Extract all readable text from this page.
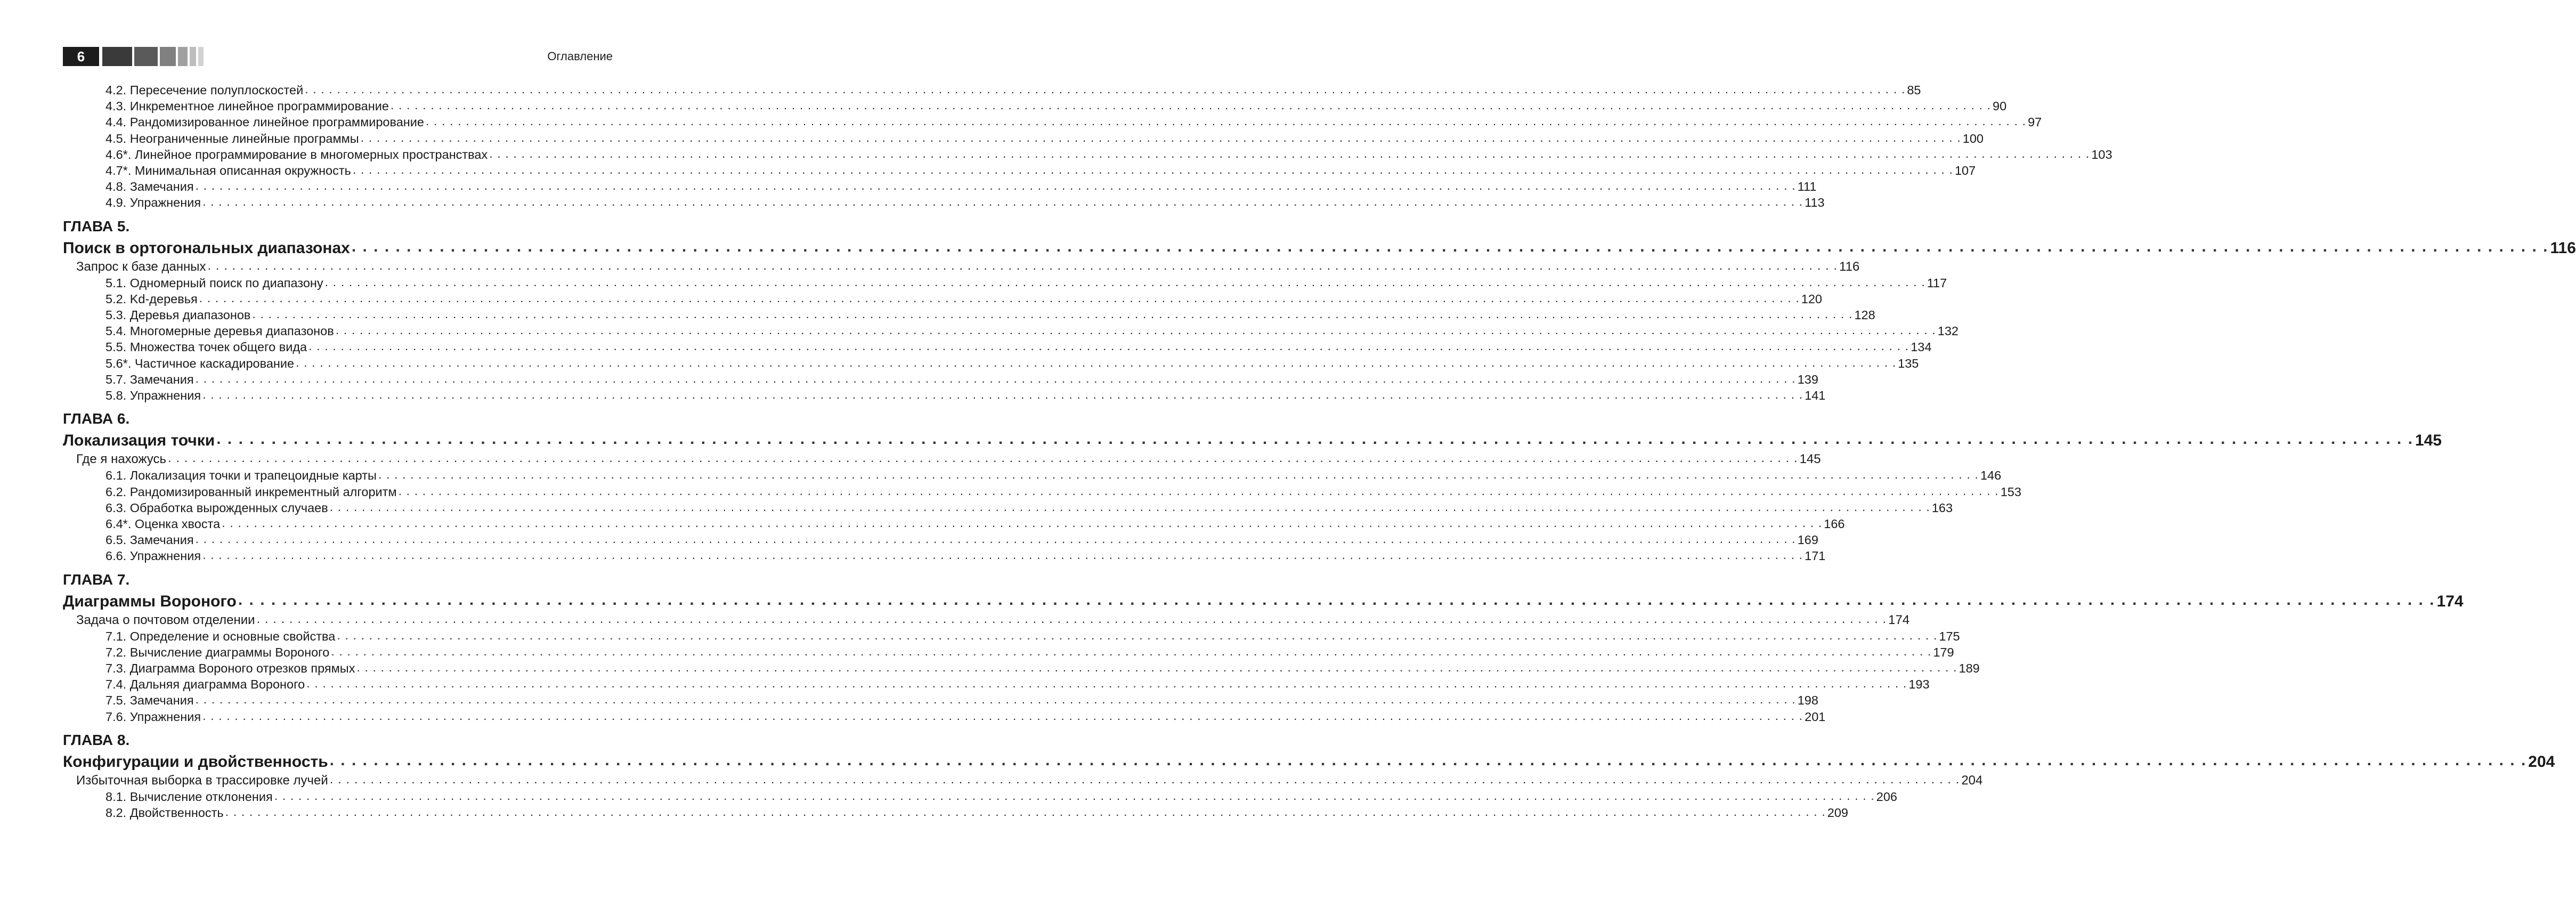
6	Оглавление
4.2. Пересечение полуплоскостей . . . . . . . . . . . . . . . . . . . . . . . . . . . . . . . . . . . . . . . . . . . . . . . . . . . . . . . . . . . . . . . . . . . . . . . . . . . . . . . . . . . . . . . . . . . . . . . . . . . . . . . . . . . . . . . . . . . . . . . . . . . . . . . . . . . . . . . . . . . . . . . . . . . . . . . . . . . . . . . . . . . . . . . . . . . . . . . . . . . . . . . . . . . . . . . . . . . . . . . . 85
4.3. Инкрементное линейное программирование . . . . . . . . . . . . . . . . . . . . . . . . . . . . . . . . . . . . . . . . . . . . . . . . . . . . . . . . . . . . . . . . . . . . . . . . . . . . . . . . . . . . . . . . . . . . . . . . . . . . . . . . . . . . . . . . . . . . . . . . . . . . . . . . . . . . . . . . . . . . . . . . . . . . . . . . . . . . . . . . . . . . . . . . . . . . . . . . . . . . . . . . . . . . . . . . . . . . . . . . 90
4.4. Рандомизированное линейное программирование . . . . . . . . . . . . . . . . . . . . . . . . . . . . . . . . . . . . . . . . . . . . . . . . . . . . . . . . . . . . . . . . . . . . . . . . . . . . . . . . . . . . . . . . . . . . . . . . . . . . . . . . . . . . . . . . . . . . . . . . . . . . . . . . . . . . . . . . . . . . . . . . . . . . . . . . . . . . . . . . . . . . . . . . . . . . . . . . . . . . . . . . . . . . . . . . . . . . . . . . 97
4.5. Неограниченные линейные программы . . . . . . . . . . . . . . . . . . . . . . . . . . . . . . . . . . . . . . . . . . . . . . . . . . . . . . . . . . . . . . . . . . . . . . . . . . . . . . . . . . . . . . . . . . . . . . . . . . . . . . . . . . . . . . . . . . . . . . . . . . . . . . . . . . . . . . . . . . . . . . . . . . . . . . . . . . . . . . . . . . . . . . . . . . . . . . . . . . . . . . . . . . . . . . . . . . . . . . . . 100
4.6*. Линейное программирование в многомерных пространствах . . . . . . . . . . . . . . . . . . . . . . . . . . . . . . . . . . . . . . . . . . . . . . . . . . . . . . . . . . . . . . . . . . . . . . . . . . . . . . . . . . . . . . . . . . . . . . . . . . . . . . . . . . . . . . . . . . . . . . . . . . . . . . . . . . . . . . . . . . . . . . . . . . . . . . . . . . . . . . . . . . . . . . . . . . . . . . . . . . . . . . . . . . . . . . . . . . . . . . . . 103
4.7*. Минимальная описанная окружность . . . . . . . . . . . . . . . . . . . . . . . . . . . . . . . . . . . . . . . . . . . . . . . . . . . . . . . . . . . . . . . . . . . . . . . . . . . . . . . . . . . . . . . . . . . . . . . . . . . . . . . . . . . . . . . . . . . . . . . . . . . . . . . . . . . . . . . . . . . . . . . . . . . . . . . . . . . . . . . . . . . . . . . . . . . . . . . . . . . . . . . . . . . . . . . . . . . . . . . . 107
4.8. Замечания . . . . . . . . . . . . . . . . . . . . . . . . . . . . . . . . . . . . . . . . . . . . . . . . . . . . . . . . . . . . . . . . . . . . . . . . . . . . . . . . . . . . . . . . . . . . . . . . . . . . . . . . . . . . . . . . . . . . . . . . . . . . . . . . . . . . . . . . . . . . . . . . . . . . . . . . . . . . . . . . . . . . . . . . . . . . . . . . . . . . . . . . . . . . . . . . . . . . . . . . 111
4.9. Упражнения . . . . . . . . . . . . . . . . . . . . . . . . . . . . . . . . . . . . . . . . . . . . . . . . . . . . . . . . . . . . . . . . . . . . . . . . . . . . . . . . . . . . . . . . . . . . . . . . . . . . . . . . . . . . . . . . . . . . . . . . . . . . . . . . . . . . . . . . . . . . . . . . . . . . . . . . . . . . . . . . . . . . . . . . . . . . . . . . . . . . . . . . . . . . . . . . . . . . . . . . 113
ГЛАВА 5.
Поиск в ортогональных диапазонах . . . . . . . . . . . . . . . . . . . . . . . . . . . . . . . . . . . . . . . . . . . . . . . . . . . . . . . . . . . . . . . . . . . . . . . . . . . . . . . . . . . . . . . . . . . . . . . . . . . . . . . . . . . . . . . . . . . . . . . . . . . . . . . . . . . . . . . . . . . . . . . . . . . . . . . . . . . . . . . . . . . . . . . . . . . . . . . . . . . . . . . . . . . . . . . . . . . . . . . . 116
Запрос к базе данных . . . . . . . . . . . . . . . . . . . . . . . . . . . . . . . . . . . . . . . . . . . . . . . . . . . . . . . . . . . . . . . . . . . . . . . . . . . . . . . . . . . . . . . . . . . . . . . . . . . . . . . . . . . . . . . . . . . . . . . . . . . . . . . . . . . . . . . . . . . . . . . . . . . . . . . . . . . . . . . . . . . . . . . . . . . . . . . . . . . . . . . . . . . . . . . . . . . . . . . . 116
5.1. Одномерный поиск по диапазону . . . . . . . . . . . . . . . . . . . . . . . . . . . . . . . . . . . . . . . . . . . . . . . . . . . . . . . . . . . . . . . . . . . . . . . . . . . . . . . . . . . . . . . . . . . . . . . . . . . . . . . . . . . . . . . . . . . . . . . . . . . . . . . . . . . . . . . . . . . . . . . . . . . . . . . . . . . . . . . . . . . . . . . . . . . . . . . . . . . . . . . . . . . . . . . . . . . . . . . . 117
5.2. Kd-деревья . . . . . . . . . . . . . . . . . . . . . . . . . . . . . . . . . . . . . . . . . . . . . . . . . . . . . . . . . . . . . . . . . . . . . . . . . . . . . . . . . . . . . . . . . . . . . . . . . . . . . . . . . . . . . . . . . . . . . . . . . . . . . . . . . . . . . . . . . . . . . . . . . . . . . . . . . . . . . . . . . . . . . . . . . . . . . . . . . . . . . . . . . . . . . . . . . . . . . . . . 120
5.3. Деревья диапазонов . . . . . . . . . . . . . . . . . . . . . . . . . . . . . . . . . . . . . . . . . . . . . . . . . . . . . . . . . . . . . . . . . . . . . . . . . . . . . . . . . . . . . . . . . . . . . . . . . . . . . . . . . . . . . . . . . . . . . . . . . . . . . . . . . . . . . . . . . . . . . . . . . . . . . . . . . . . . . . . . . . . . . . . . . . . . . . . . . . . . . . . . . . . . . . . . . . . . . . . . 128
5.4. Многомерные деревья диапазонов . . . . . . . . . . . . . . . . . . . . . . . . . . . . . . . . . . . . . . . . . . . . . . . . . . . . . . . . . . . . . . . . . . . . . . . . . . . . . . . . . . . . . . . . . . . . . . . . . . . . . . . . . . . . . . . . . . . . . . . . . . . . . . . . . . . . . . . . . . . . . . . . . . . . . . . . . . . . . . . . . . . . . . . . . . . . . . . . . . . . . . . . . . . . . . . . . . . . . . . . 132
5.5. Множества точек общего вида . . . . . . . . . . . . . . . . . . . . . . . . . . . . . . . . . . . . . . . . . . . . . . . . . . . . . . . . . . . . . . . . . . . . . . . . . . . . . . . . . . . . . . . . . . . . . . . . . . . . . . . . . . . . . . . . . . . . . . . . . . . . . . . . . . . . . . . . . . . . . . . . . . . . . . . . . . . . . . . . . . . . . . . . . . . . . . . . . . . . . . . . . . . . . . . . . . . . . . . . 134
5.6*. Частичное каскадирование . . . . . . . . . . . . . . . . . . . . . . . . . . . . . . . . . . . . . . . . . . . . . . . . . . . . . . . . . . . . . . . . . . . . . . . . . . . . . . . . . . . . . . . . . . . . . . . . . . . . . . . . . . . . . . . . . . . . . . . . . . . . . . . . . . . . . . . . . . . . . . . . . . . . . . . . . . . . . . . . . . . . . . . . . . . . . . . . . . . . . . . . . . . . . . . . . . . . . . . . 135
5.7. Замечания . . . . . . . . . . . . . . . . . . . . . . . . . . . . . . . . . . . . . . . . . . . . . . . . . . . . . . . . . . . . . . . . . . . . . . . . . . . . . . . . . . . . . . . . . . . . . . . . . . . . . . . . . . . . . . . . . . . . . . . . . . . . . . . . . . . . . . . . . . . . . . . . . . . . . . . . . . . . . . . . . . . . . . . . . . . . . . . . . . . . . . . . . . . . . . . . . . . . . . . . 139
5.8. Упражнения . . . . . . . . . . . . . . . . . . . . . . . . . . . . . . . . . . . . . . . . . . . . . . . . . . . . . . . . . . . . . . . . . . . . . . . . . . . . . . . . . . . . . . . . . . . . . . . . . . . . . . . . . . . . . . . . . . . . . . . . . . . . . . . . . . . . . . . . . . . . . . . . . . . . . . . . . . . . . . . . . . . . . . . . . . . . . . . . . . . . . . . . . . . . . . . . . . . . . . . . 141
ГЛАВА 6.
Локализация точки . . . . . . . . . . . . . . . . . . . . . . . . . . . . . . . . . . . . . . . . . . . . . . . . . . . . . . . . . . . . . . . . . . . . . . . . . . . . . . . . . . . . . . . . . . . . . . . . . . . . . . . . . . . . . . . . . . . . . . . . . . . . . . . . . . . . . . . . . . . . . . . . . . . . . . . . . . . . . . . . . . . . . . . . . . . . . . . . . . . . . . . . . . . . . . . . . . . . . . . . 145
Где я нахожусь . . . . . . . . . . . . . . . . . . . . . . . . . . . . . . . . . . . . . . . . . . . . . . . . . . . . . . . . . . . . . . . . . . . . . . . . . . . . . . . . . . . . . . . . . . . . . . . . . . . . . . . . . . . . . . . . . . . . . . . . . . . . . . . . . . . . . . . . . . . . . . . . . . . . . . . . . . . . . . . . . . . . . . . . . . . . . . . . . . . . . . . . . . . . . . . . . . . . . . . . 145
6.1. Локализация точки и трапецоидные карты . . . . . . . . . . . . . . . . . . . . . . . . . . . . . . . . . . . . . . . . . . . . . . . . . . . . . . . . . . . . . . . . . . . . . . . . . . . . . . . . . . . . . . . . . . . . . . . . . . . . . . . . . . . . . . . . . . . . . . . . . . . . . . . . . . . . . . . . . . . . . . . . . . . . . . . . . . . . . . . . . . . . . . . . . . . . . . . . . . . . . . . . . . . . . . . . . . . . . . . . 146
6.2. Рандомизированный инкрементный алгоритм . . . . . . . . . . . . . . . . . . . . . . . . . . . . . . . . . . . . . . . . . . . . . . . . . . . . . . . . . . . . . . . . . . . . . . . . . . . . . . . . . . . . . . . . . . . . . . . . . . . . . . . . . . . . . . . . . . . . . . . . . . . . . . . . . . . . . . . . . . . . . . . . . . . . . . . . . . . . . . . . . . . . . . . . . . . . . . . . . . . . . . . . . . . . . . . . . . . . . . . . 153
6.3. Обработка вырожденных случаев . . . . . . . . . . . . . . . . . . . . . . . . . . . . . . . . . . . . . . . . . . . . . . . . . . . . . . . . . . . . . . . . . . . . . . . . . . . . . . . . . . . . . . . . . . . . . . . . . . . . . . . . . . . . . . . . . . . . . . . . . . . . . . . . . . . . . . . . . . . . . . . . . . . . . . . . . . . . . . . . . . . . . . . . . . . . . . . . . . . . . . . . . . . . . . . . . . . . . . . . 163
6.4*. Оценка хвоста . . . . . . . . . . . . . . . . . . . . . . . . . . . . . . . . . . . . . . . . . . . . . . . . . . . . . . . . . . . . . . . . . . . . . . . . . . . . . . . . . . . . . . . . . . . . . . . . . . . . . . . . . . . . . . . . . . . . . . . . . . . . . . . . . . . . . . . . . . . . . . . . . . . . . . . . . . . . . . . . . . . . . . . . . . . . . . . . . . . . . . . . . . . . . . . . . . . . . . . . 166
6.5. Замечания . . . . . . . . . . . . . . . . . . . . . . . . . . . . . . . . . . . . . . . . . . . . . . . . . . . . . . . . . . . . . . . . . . . . . . . . . . . . . . . . . . . . . . . . . . . . . . . . . . . . . . . . . . . . . . . . . . . . . . . . . . . . . . . . . . . . . . . . . . . . . . . . . . . . . . . . . . . . . . . . . . . . . . . . . . . . . . . . . . . . . . . . . . . . . . . . . . . . . . . . 169
6.6. Упражнения . . . . . . . . . . . . . . . . . . . . . . . . . . . . . . . . . . . . . . . . . . . . . . . . . . . . . . . . . . . . . . . . . . . . . . . . . . . . . . . . . . . . . . . . . . . . . . . . . . . . . . . . . . . . . . . . . . . . . . . . . . . . . . . . . . . . . . . . . . . . . . . . . . . . . . . . . . . . . . . . . . . . . . . . . . . . . . . . . . . . . . . . . . . . . . . . . . . . . . . . 171
ГЛАВА 7.
Диаграммы Вороного . . . . . . . . . . . . . . . . . . . . . . . . . . . . . . . . . . . . . . . . . . . . . . . . . . . . . . . . . . . . . . . . . . . . . . . . . . . . . . . . . . . . . . . . . . . . . . . . . . . . . . . . . . . . . . . . . . . . . . . . . . . . . . . . . . . . . . . . . . . . . . . . . . . . . . . . . . . . . . . . . . . . . . . . . . . . . . . . . . . . . . . . . . . . . . . . . . . . . . . . 174
Задача о почтовом отделении . . . . . . . . . . . . . . . . . . . . . . . . . . . . . . . . . . . . . . . . . . . . . . . . . . . . . . . . . . . . . . . . . . . . . . . . . . . . . . . . . . . . . . . . . . . . . . . . . . . . . . . . . . . . . . . . . . . . . . . . . . . . . . . . . . . . . . . . . . . . . . . . . . . . . . . . . . . . . . . . . . . . . . . . . . . . . . . . . . . . . . . . . . . . . . . . . . . . . . . . 174
7.1. Определение и основные свойства . . . . . . . . . . . . . . . . . . . . . . . . . . . . . . . . . . . . . . . . . . . . . . . . . . . . . . . . . . . . . . . . . . . . . . . . . . . . . . . . . . . . . . . . . . . . . . . . . . . . . . . . . . . . . . . . . . . . . . . . . . . . . . . . . . . . . . . . . . . . . . . . . . . . . . . . . . . . . . . . . . . . . . . . . . . . . . . . . . . . . . . . . . . . . . . . . . . . . . . . 175
7.2. Вычисление диаграммы Вороного . . . . . . . . . . . . . . . . . . . . . . . . . . . . . . . . . . . . . . . . . . . . . . . . . . . . . . . . . . . . . . . . . . . . . . . . . . . . . . . . . . . . . . . . . . . . . . . . . . . . . . . . . . . . . . . . . . . . . . . . . . . . . . . . . . . . . . . . . . . . . . . . . . . . . . . . . . . . . . . . . . . . . . . . . . . . . . . . . . . . . . . . . . . . . . . . . . . . . . . . 179
7.3. Диаграмма Вороного отрезков прямых . . . . . . . . . . . . . . . . . . . . . . . . . . . . . . . . . . . . . . . . . . . . . . . . . . . . . . . . . . . . . . . . . . . . . . . . . . . . . . . . . . . . . . . . . . . . . . . . . . . . . . . . . . . . . . . . . . . . . . . . . . . . . . . . . . . . . . . . . . . . . . . . . . . . . . . . . . . . . . . . . . . . . . . . . . . . . . . . . . . . . . . . . . . . . . . . . . . . . . . . 189
7.4. Дальняя диаграмма Вороного . . . . . . . . . . . . . . . . . . . . . . . . . . . . . . . . . . . . . . . . . . . . . . . . . . . . . . . . . . . . . . . . . . . . . . . . . . . . . . . . . . . . . . . . . . . . . . . . . . . . . . . . . . . . . . . . . . . . . . . . . . . . . . . . . . . . . . . . . . . . . . . . . . . . . . . . . . . . . . . . . . . . . . . . . . . . . . . . . . . . . . . . . . . . . . . . . . . . . . . . 193
7.5. Замечания . . . . . . . . . . . . . . . . . . . . . . . . . . . . . . . . . . . . . . . . . . . . . . . . . . . . . . . . . . . . . . . . . . . . . . . . . . . . . . . . . . . . . . . . . . . . . . . . . . . . . . . . . . . . . . . . . . . . . . . . . . . . . . . . . . . . . . . . . . . . . . . . . . . . . . . . . . . . . . . . . . . . . . . . . . . . . . . . . . . . . . . . . . . . . . . . . . . . . . . . 198
7.6. Упражнения . . . . . . . . . . . . . . . . . . . . . . . . . . . . . . . . . . . . . . . . . . . . . . . . . . . . . . . . . . . . . . . . . . . . . . . . . . . . . . . . . . . . . . . . . . . . . . . . . . . . . . . . . . . . . . . . . . . . . . . . . . . . . . . . . . . . . . . . . . . . . . . . . . . . . . . . . . . . . . . . . . . . . . . . . . . . . . . . . . . . . . . . . . . . . . . . . . . . . . . . 201
ГЛАВА 8.
Конфигурации и двойственность . . . . . . . . . . . . . . . . . . . . . . . . . . . . . . . . . . . . . . . . . . . . . . . . . . . . . . . . . . . . . . . . . . . . . . . . . . . . . . . . . . . . . . . . . . . . . . . . . . . . . . . . . . . . . . . . . . . . . . . . . . . . . . . . . . . . . . . . . . . . . . . . . . . . . . . . . . . . . . . . . . . . . . . . . . . . . . . . . . . . . . . . . . . . . . . . . . . . . . . . 204
Избыточная выборка в трассировке лучей . . . . . . . . . . . . . . . . . . . . . . . . . . . . . . . . . . . . . . . . . . . . . . . . . . . . . . . . . . . . . . . . . . . . . . . . . . . . . . . . . . . . . . . . . . . . . . . . . . . . . . . . . . . . . . . . . . . . . . . . . . . . . . . . . . . . . . . . . . . . . . . . . . . . . . . . . . . . . . . . . . . . . . . . . . . . . . . . . . . . . . . . . . . . . . . . . . . . . . . . 204
8.1. Вычисление отклонения . . . . . . . . . . . . . . . . . . . . . . . . . . . . . . . . . . . . . . . . . . . . . . . . . . . . . . . . . . . . . . . . . . . . . . . . . . . . . . . . . . . . . . . . . . . . . . . . . . . . . . . . . . . . . . . . . . . . . . . . . . . . . . . . . . . . . . . . . . . . . . . . . . . . . . . . . . . . . . . . . . . . . . . . . . . . . . . . . . . . . . . . . . . . . . . . . . . . . . . . 206
8.2. Двойственность . . . . . . . . . . . . . . . . . . . . . . . . . . . . . . . . . . . . . . . . . . . . . . . . . . . . . . . . . . . . . . . . . . . . . . . . . . . . . . . . . . . . . . . . . . . . . . . . . . . . . . . . . . . . . . . . . . . . . . . . . . . . . . . . . . . . . . . . . . . . . . . . . . . . . . . . . . . . . . . . . . . . . . . . . . . . . . . . . . . . . . . . . . . . . . . . . . . . . . . . 209
